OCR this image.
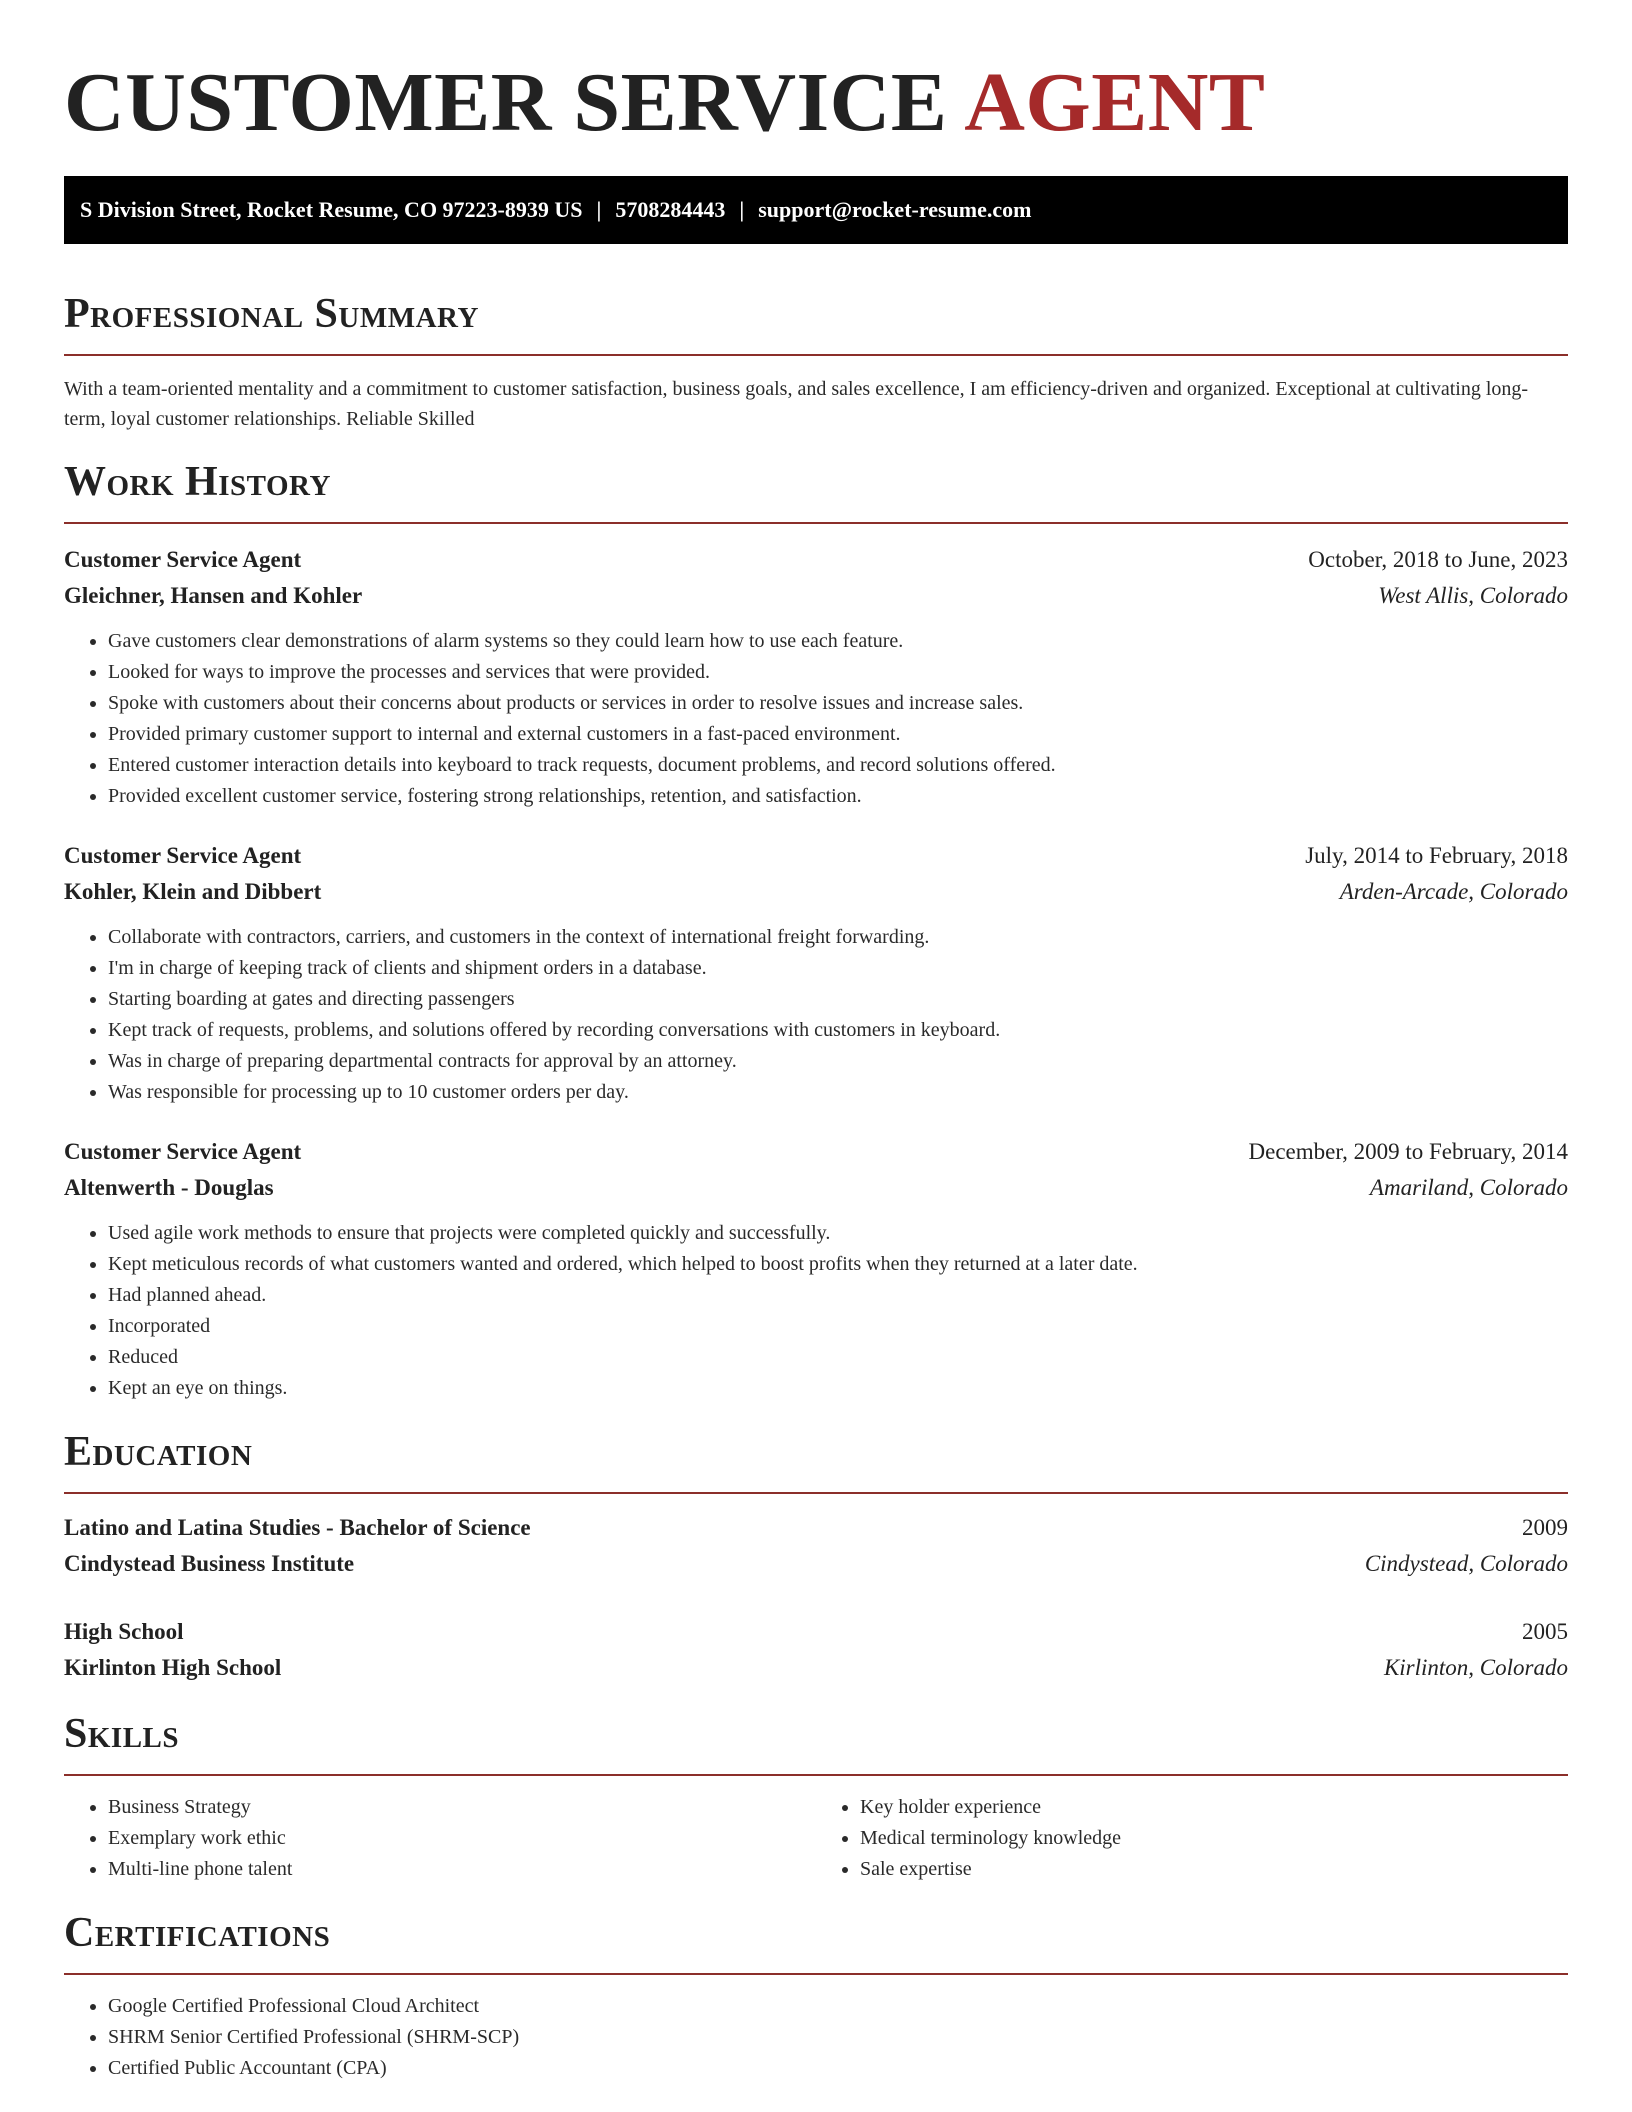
CUSTOMER SERVICE AGENT
S Division Street, Rocket Resume, CO 97223-8939 US | 5708284443 | support@rocket-resume.com
Professional Summary

With a team-oriented mentality and a commitment to customer satisfaction, business goals, and sales excellence, I am efficiency-driven and organized. Exceptional at cultivating long-term, loyal customer relationships. Reliable Skilled

Work History
Customer Service Agent	October, 2018 to June, 2023
Gleichner, Hansen and Kohler	West Allis, Colorado
• Gave customers clear demonstrations of alarm systems so they could learn how to use each feature.
• Looked for ways to improve the processes and services that were provided.
• Spoke with customers about their concerns about products or services in order to resolve issues and increase sales.
• Provided primary customer support to internal and external customers in a fast-paced environment.
• Entered customer interaction details into keyboard to track requests, document problems, and record solutions offered.
• Provided excellent customer service, fostering strong relationships, retention, and satisfaction.
Customer Service Agent	July, 2014 to February, 2018
Kohler, Klein and Dibbert	Arden-Arcade, Colorado
• Collaborate with contractors, carriers, and customers in the context of international freight forwarding.
• I'm in charge of keeping track of clients and shipment orders in a database.
• Starting boarding at gates and directing passengers
• Kept track of requests, problems, and solutions offered by recording conversations with customers in keyboard.
• Was in charge of preparing departmental contracts for approval by an attorney.
• Was responsible for processing up to 10 customer orders per day.
Customer Service Agent	December, 2009 to February, 2014
Altenwerth - Douglas	Amariland, Colorado
• Used agile work methods to ensure that projects were completed quickly and successfully.
• Kept meticulous records of what customers wanted and ordered, which helped to boost profits when they returned at a later date.
• Had planned ahead.
• Incorporated
• Reduced
• Kept an eye on things.
Education
Latino and Latina Studies - Bachelor of Science	2009
Cindystead Business Institute	Cindystead, Colorado
High School	2005
Kirlinton High School	Kirlinton, Colorado
Skills
• Business Strategy
• Exemplary work ethic
• Multi-line phone talent
• Key holder experience
• Medical terminology knowledge
• Sale expertise
Certifications
• Google Certified Professional Cloud Architect
• SHRM Senior Certified Professional (SHRM-SCP)
• Certified Public Accountant (CPA)
